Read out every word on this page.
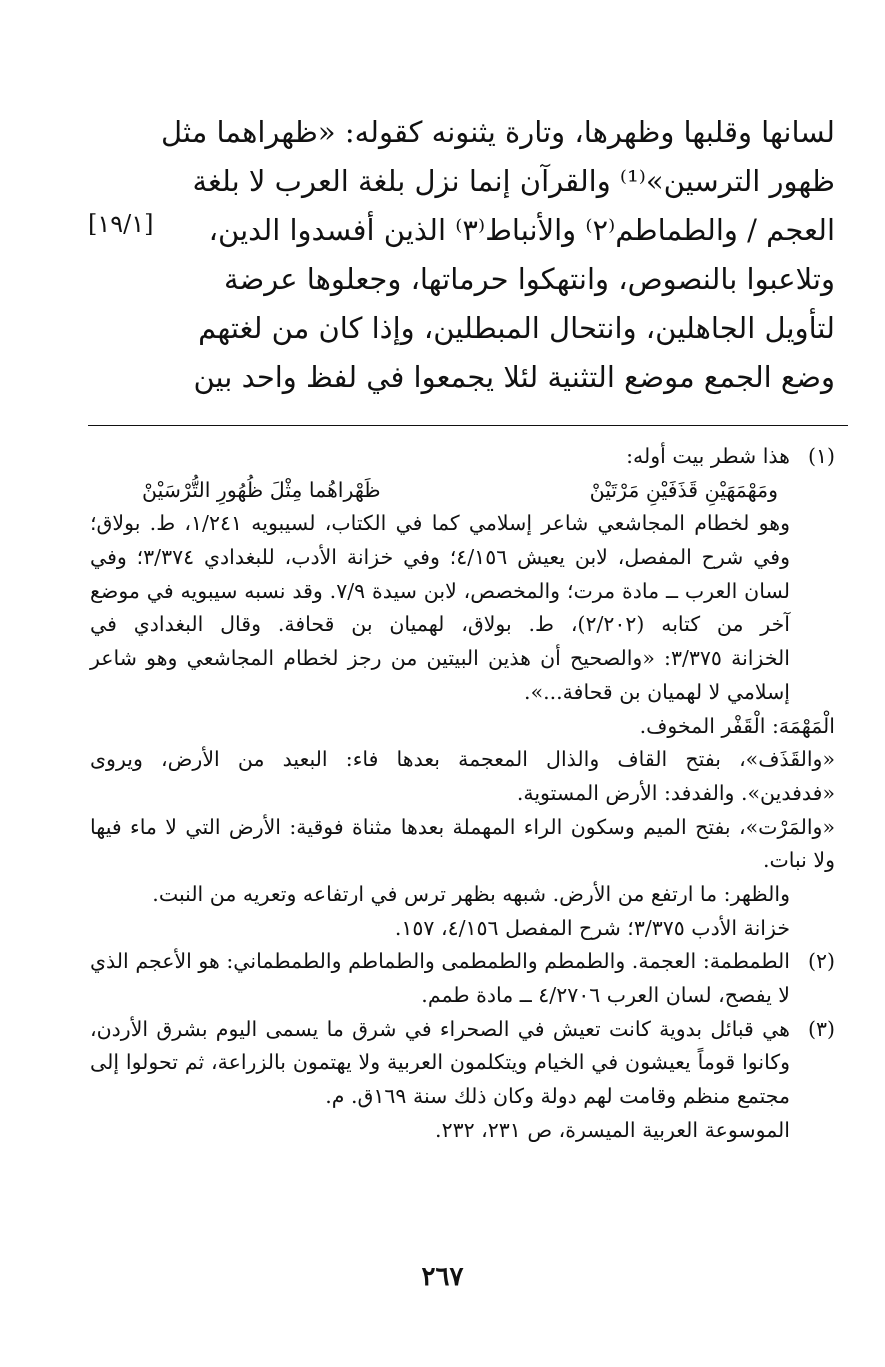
لسانها وقلبها وظهرها، وتارة يثنونه كقوله: «ظهراهما مثل
ظهور الترسين»⁽¹⁾ والقرآن إنما نزل بلغة العرب لا بلغة
العجم / والطماطم⁽٢⁾ والأنباط⁽٣⁾ الذين أفسدوا الدين،
وتلاعبوا بالنصوص، وانتهكوا حرماتها، وجعلوها عرضة
لتأويل الجاهلين، وانتحال المبطلين، وإذا كان من لغتهم
وضع الجمع موضع التثنية لئلا يجمعوا في لفظ واحد بين
[١٩/١]
(١)
هذا شطر بيت أوله:
ومَهْمَهَيْنِ قَذَفَيْنِ مَرْتَيْنْ
ظَهْراهُما مِثْلَ ظُهُورِ التُّرْسَيْنْ
وهو لخطام المجاشعي شاعر إسلامي كما في الكتاب، لسيبويه ١/٢٤١، ط. بولاق؛
وفي شرح المفصل، لابن يعيش ٤/١٥٦؛ وفي خزانة الأدب، للبغدادي ٣/٣٧٤؛ وفي
لسان العرب ــ مادة مرت؛ والمخصص، لابن سيدة ٧/٩. وقد نسبه سيبويه في موضع
آخر من كتابه (٢/٢٠٢)، ط. بولاق، لهميان بن قحافة. وقال البغدادي في
الخزانة ٣/٣٧٥: «والصحيح أن هذين البيتين من رجز لخطام المجاشعي وهو شاعر
إسلامي لا لهميان بن قحافة...».
الْمَهْمَهَ: الْقَفْر المخوف.
«والقَذَف»، بفتح القاف والذال المعجمة بعدها فاء: البعيد من الأرض، ويروى
«فدفدين». والفدفد: الأرض المستوية.
«والمَرْت»، بفتح الميم وسكون الراء المهملة بعدها مثناة فوقية: الأرض التي لا ماء فيها
ولا نبات.
والظهر: ما ارتفع من الأرض. شبهه بظهر ترس في ارتفاعه وتعريه من النبت.
خزانة الأدب ٣/٣٧٥؛ شرح المفصل ٤/١٥٦، ١٥٧.
(٢)
الطمطمة: العجمة. والطمطم والطمطمى والطماطم والطمطماني: هو الأعجم الذي
لا يفصح، لسان العرب ٤/٢٧٠٦ ــ مادة طمم.
(٣)
هي قبائل بدوية كانت تعيش في الصحراء في شرق ما يسمى اليوم بشرق الأردن،
وكانوا قوماً يعيشون في الخيام ويتكلمون العربية ولا يهتمون بالزراعة، ثم تحولوا إلى
مجتمع منظم وقامت لهم دولة وكان ذلك سنة ١٦٩ق. م.
الموسوعة العربية الميسرة، ص ٢٣١، ٢٣٢.
٢٦٧
